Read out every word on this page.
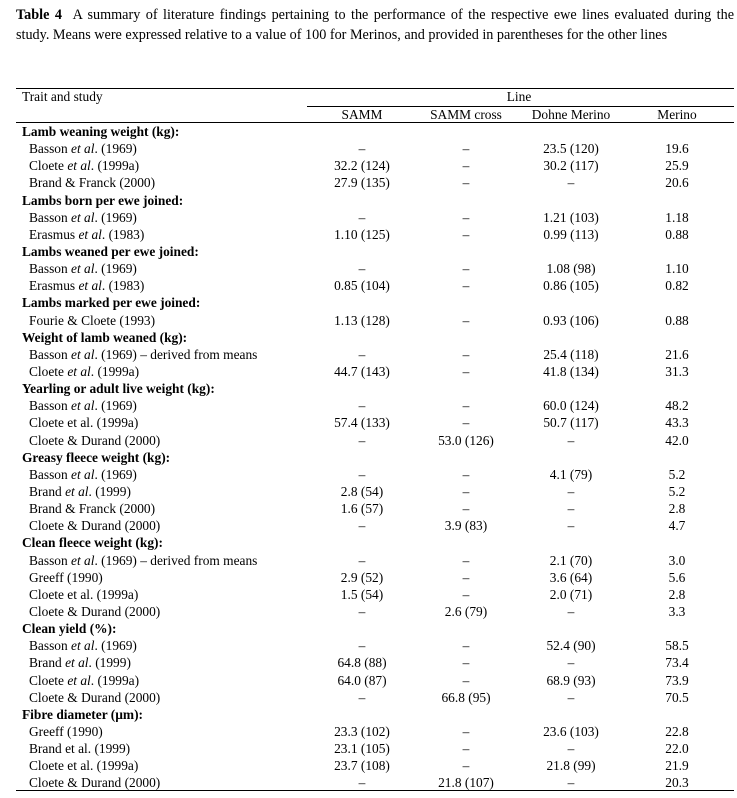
Table 4 A summary of literature findings pertaining to the performance of the respective ewe lines evaluated during the study. Means were expressed relative to a value of 100 for Merinos, and provided in parentheses for the other lines
Trait and study	Line
SAMM	SAMM cross	Dohne Merino	Merino
Lamb weaning weight (kg):
Basson et al. (1969)	–	–	23.5 (120)	19.6
Cloete et al. (1999a)	32.2 (124)	–	30.2 (117)	25.9
Brand & Franck (2000)	27.9 (135)	–	–	20.6
Lambs born per ewe joined:
Basson et al. (1969)	–	–	1.21 (103)	1.18
Erasmus et al. (1983)	1.10 (125)	–	0.99 (113)	0.88
Lambs weaned per ewe joined:
Basson et al. (1969)	–	–	1.08 (98)	1.10
Erasmus et al. (1983)	0.85 (104)	–	0.86 (105)	0.82
Lambs marked per ewe joined:
Fourie & Cloete (1993)	1.13 (128)	–	0.93 (106)	0.88
Weight of lamb weaned (kg):
Basson et al. (1969) – derived from means	–	–	25.4 (118)	21.6
Cloete et al. (1999a)	44.7 (143)	–	41.8 (134)	31.3
Yearling or adult live weight (kg):
Basson et al. (1969)	–	–	60.0 (124)	48.2
Cloete et al. (1999a)	57.4 (133)	–	50.7 (117)	43.3
Cloete & Durand (2000)	–	53.0 (126)	–	42.0
Greasy fleece weight (kg):
Basson et al. (1969)	–	–	4.1 (79)	5.2
Brand et al. (1999)	2.8 (54)	–	–	5.2
Brand & Franck (2000)	1.6 (57)	–	–	2.8
Cloete & Durand (2000)	–	3.9 (83)	–	4.7
Clean fleece weight (kg):
Basson et al. (1969) – derived from means	–	–	2.1 (70)	3.0
Greeff (1990)	2.9 (52)	–	3.6 (64)	5.6
Cloete et al. (1999a)	1.5 (54)	–	2.0 (71)	2.8
Cloete & Durand (2000)	–	2.6 (79)	–	3.3
Clean yield (%):
Basson et al. (1969)	–	–	52.4 (90)	58.5
Brand et al. (1999)	64.8 (88)	–	–	73.4
Cloete et al. (1999a)	64.0 (87)	–	68.9 (93)	73.9
Cloete & Durand (2000)	–	66.8 (95)	–	70.5
Fibre diameter (µm):
Greeff (1990)	23.3 (102)	–	23.6 (103)	22.8
Brand et al. (1999)	23.1 (105)	–	–	22.0
Cloete et al. (1999a)	23.7 (108)	–	21.8 (99)	21.9
Cloete & Durand (2000)	–	21.8 (107)	–	20.3
